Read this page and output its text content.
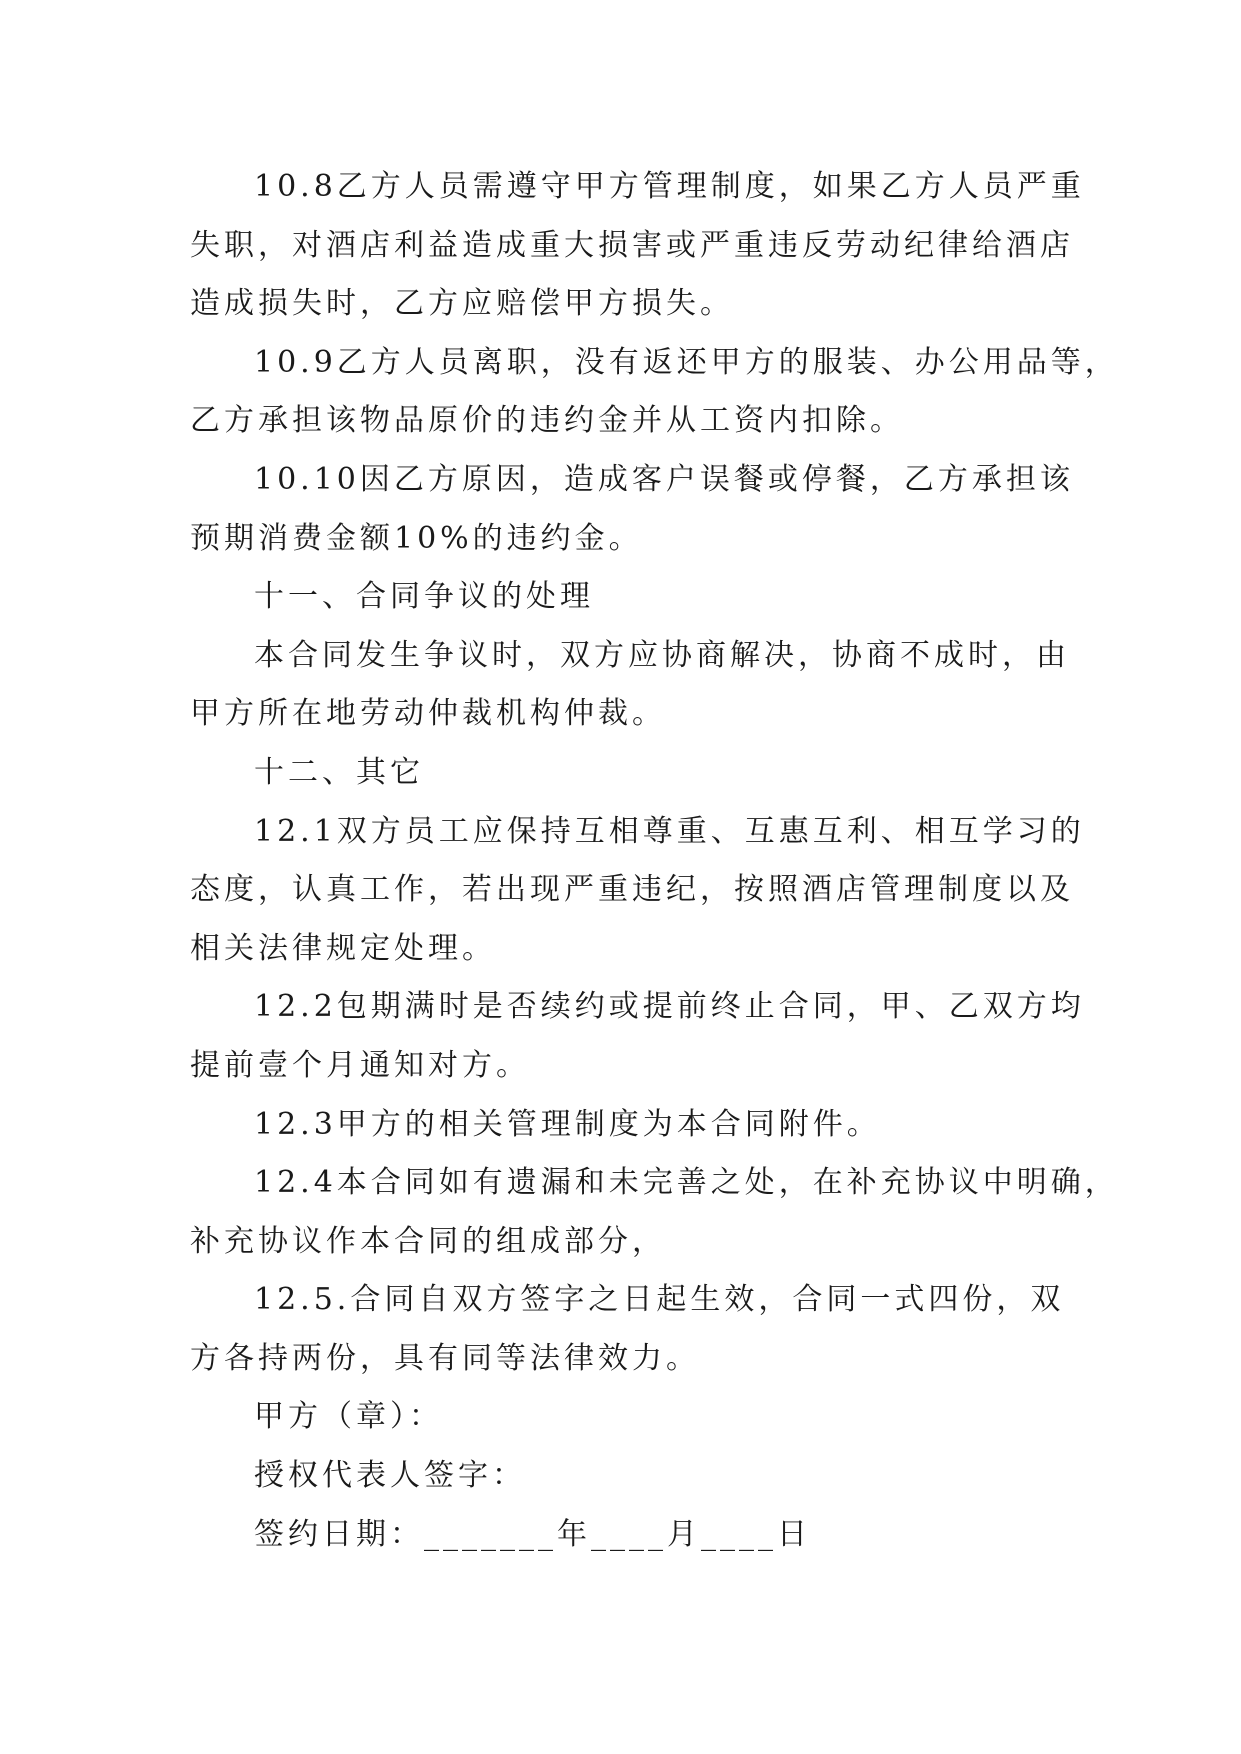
10.8乙方人员需遵守甲方管理制度，如果乙方人员严重
失职，对酒店利益造成重大损害或严重违反劳动纪律给酒店
造成损失时，乙方应赔偿甲方损失。
10.9乙方人员离职，没有返还甲方的服装、办公用品等，
乙方承担该物品原价的违约金并从工资内扣除。
10.10因乙方原因，造成客户误餐或停餐，乙方承担该
预期消费金额10%的违约金。
十一、合同争议的处理
本合同发生争议时，双方应协商解决，协商不成时，由
甲方所在地劳动仲裁机构仲裁。
十二、其它
12.1双方员工应保持互相尊重、互惠互利、相互学习的
态度，认真工作，若出现严重违纪，按照酒店管理制度以及
相关法律规定处理。
12.2包期满时是否续约或提前终止合同，甲、乙双方均
提前壹个月通知对方。
12.3甲方的相关管理制度为本合同附件。
12.4本合同如有遗漏和未完善之处，在补充协议中明确，
补充协议作本合同的组成部分，
12.5.合同自双方签字之日起生效，合同一式四份，双
方各持两份，具有同等法律效力。
甲方（章）：
授权代表人签字：
签约日期：_______年____月____日
